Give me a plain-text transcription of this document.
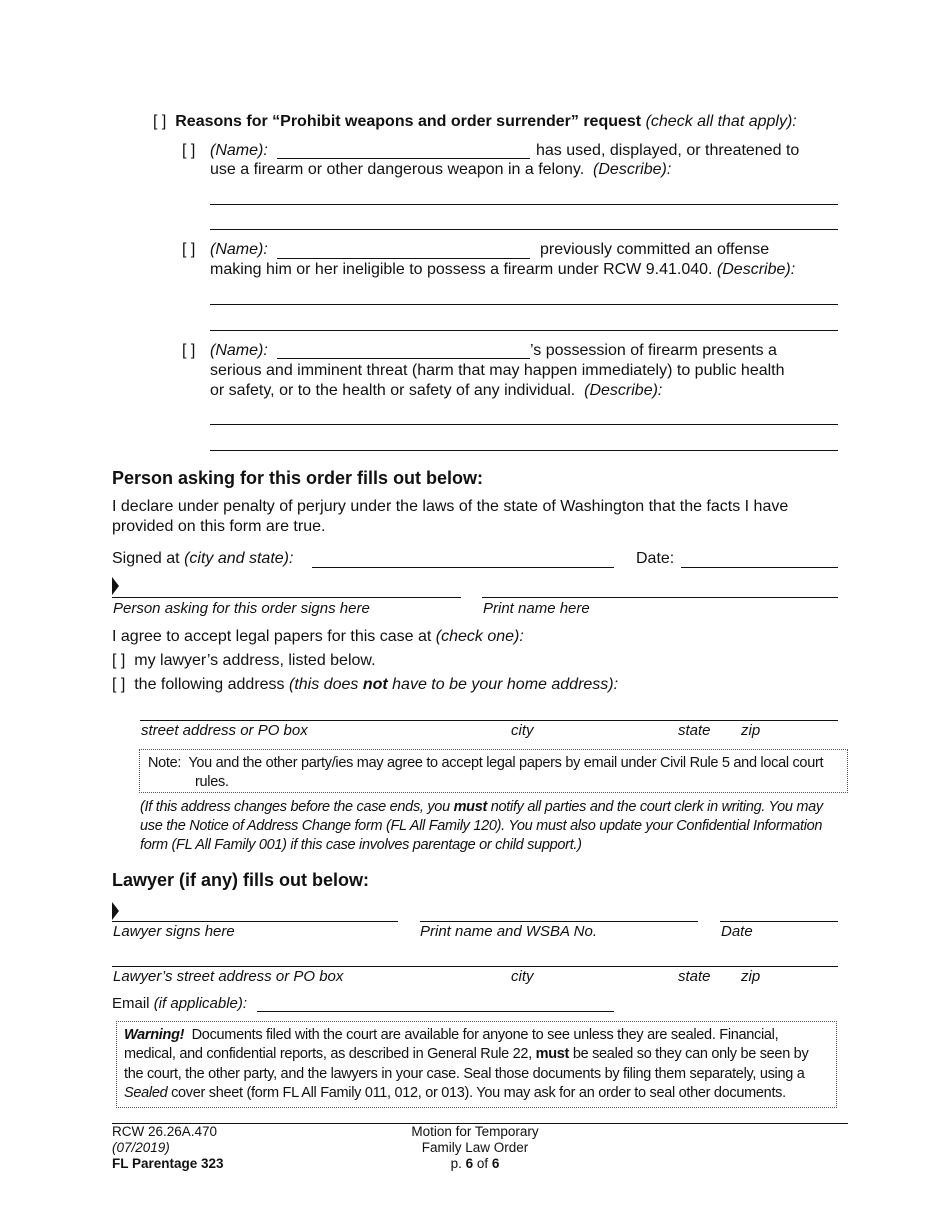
[ ] Reasons for “Prohibit weapons and order surrender” request (check all that apply):
[ ] (Name):	has used, displayed, or threatened to
use a firearm or other dangerous weapon in a felony. (Describe):
[ ] (Name):	previously committed an offense
making him or her ineligible to possess a firearm under RCW 9.41.040. (Describe):
[ ] (Name):	’s possession of firearm presents a
serious and imminent threat (harm that may happen immediately) to public health
or safety, or to the health or safety of any individual. (Describe):
Person asking for this order fills out below:
I declare under penalty of perjury under the laws of the state of Washington that the facts I have
provided on this form are true.
Signed at (city and state):	Date:
Person asking for this order signs here	Print name here
I agree to accept legal papers for this case at (check one):
[ ] my lawyer’s address, listed below.
[ ] the following address (this does not have to be your home address):
street address or PO box	city	state zip
Note: You and the other party/ies may agree to accept legal papers by email under Civil Rule 5 and local court
rules.
(If this address changes before the case ends, you must notify all parties and the court clerk in writing. You may
use the Notice of Address Change form (FL All Family 120). You must also update your Confidential Information
form (FL All Family 001) if this case involves parentage or child support.)
Lawyer (if any) fills out below:
Lawyer signs here	Print name and WSBA No.	Date
Lawyer’s street address or PO box	city	state zip
Email (if applicable):
Warning! Documents filed with the court are available for anyone to see unless they are sealed. Financial,
medical, and confidential reports, as described in General Rule 22, must be sealed so they can only be seen by
the court, the other party, and the lawyers in your case. Seal those documents by filing them separately, using a
Sealed cover sheet (form FL All Family 011, 012, or 013). You may ask for an order to seal other documents.
RCW 26.26A.470
(07/2019)
FL Parentage 323
Motion for Temporary
Family Law Order
p. 6 of 6
